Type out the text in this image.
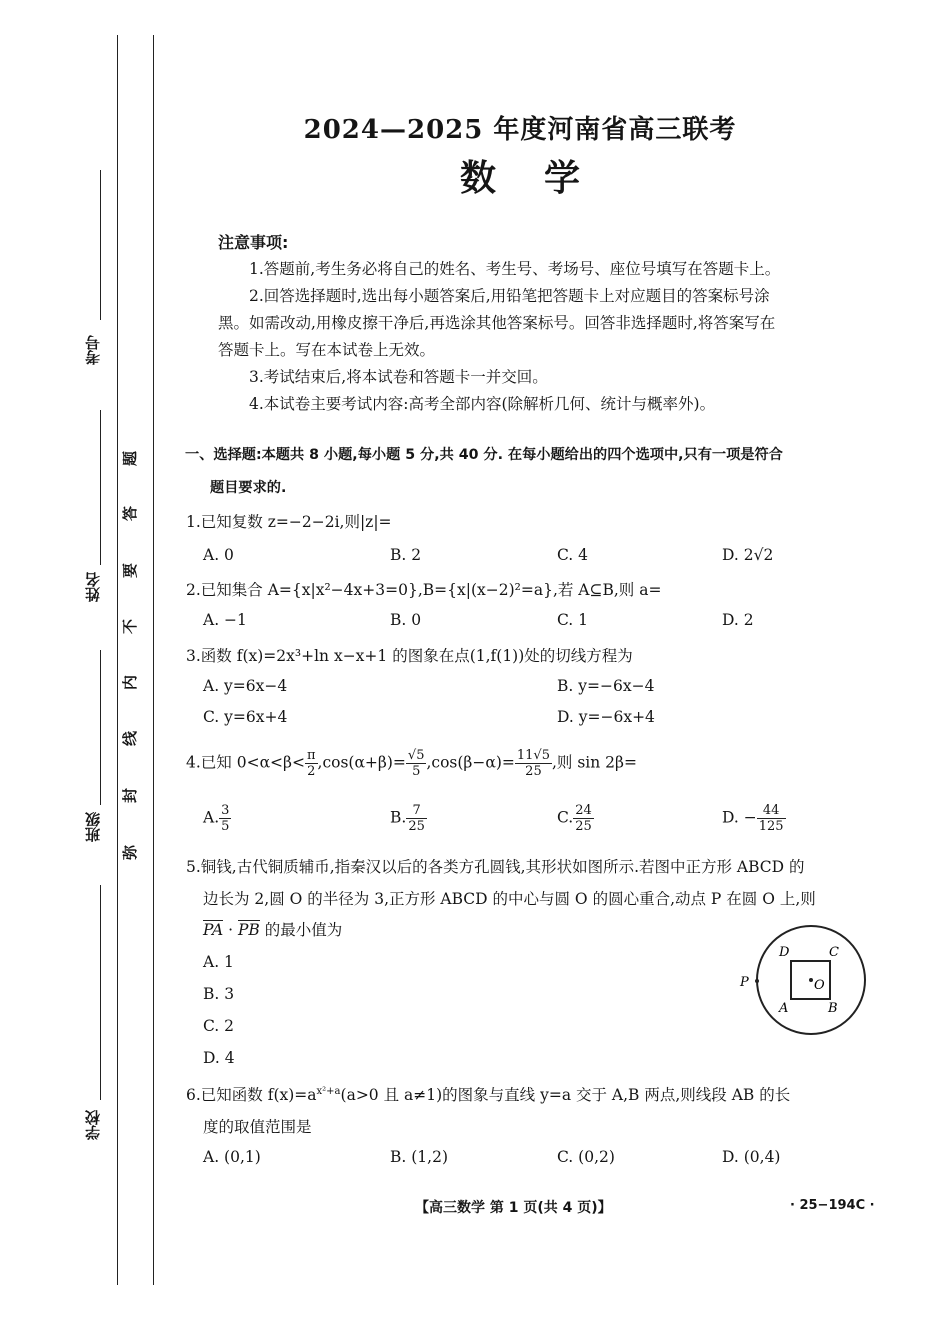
考号
姓名
班级
学校
题
答
要
不
内
线
封
弥
2024—2025 年度河南省高三联考
数学
注意事项:
1.答题前,考生务必将自己的姓名、考生号、考场号、座位号填写在答题卡上。
2.回答选择题时,选出每小题答案后,用铅笔把答题卡上对应题目的答案标号涂
黑。如需改动,用橡皮擦干净后,再选涂其他答案标号。回答非选择题时,将答案写在
答题卡上。写在本试卷上无效。
3.考试结束后,将本试卷和答题卡一并交回。
4.本试卷主要考试内容:高考全部内容(除解析几何、统计与概率外)。
一、选择题:本题共 8 小题,每小题 5 分,共 40 分. 在每小题给出的四个选项中,只有一项是符合
题目要求的.
1.已知复数 z=−2−2i,则|z|=
A. 0	B. 2	C. 4	D. 2√2
2.已知集合 A={x|x²−4x+3=0},B={x|(x−2)²=a},若 A⊆B,则 a=
A. −1	B. 0	C. 1	D. 2
3.函数 f(x)=2x³+ln x−x+1 的图象在点(1,f(1))处的切线方程为
A. y=6x−4	B. y=−6x−4
C. y=6x+4	D. y=−6x+4
4.已知 $0<\alpha<\beta< \frac{\pi}{2} ,\cos(\alpha+\beta)= \frac{√5}{5} ,\cos(\beta-\alpha)= \frac{11√5}{25}$ ,则 sin 2β=
A. $\frac{3}{5}$	B. $\frac{7}{25}$	C. $\frac{24}{25}$	D. − $\frac{44}{125}$
5.铜钱,古代铜质辅币,指秦汉以后的各类方孔圆钱,其形状如图所示.若图中正方形 ABCD 的
边长为 2,圆 O 的半径为 3,正方形 ABCD 的中心与圆 O 的圆心重合,动点 P 在圆 O 上,则
PA · PB 的最小值为
A. 1
B. 3
C. 2
D. 4
D	C
P	O
A	B
6.已知函数 $f(x)=a^{x^2+a}(a>0$ 且 a≠1)的图象与直线 y=a 交于 A,B 两点,则线段 AB 的长
度的取值范围是
A. (0,1)	B. (1,2)	C. (0,2)	D. (0,4)
【高三数学 第 1 页(共 4 页)】	· 25−194C ·
